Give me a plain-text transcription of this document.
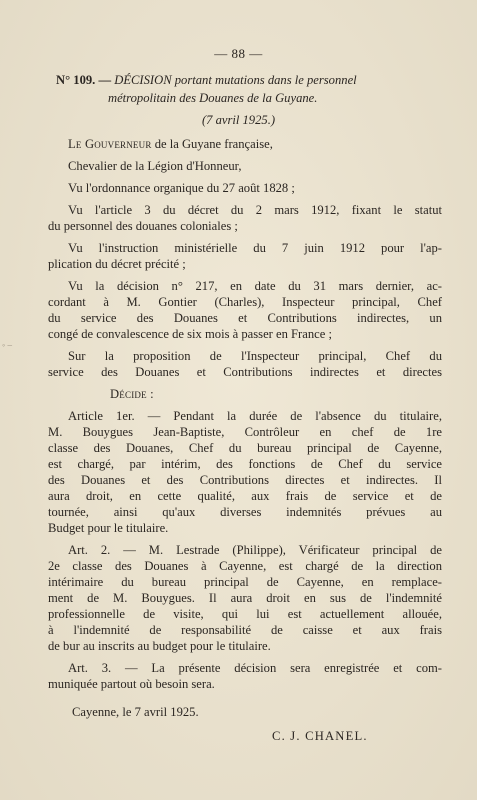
— 88 —
N° 109. — DÉCISION portant mutations dans le personnel
métropolitain des Douanes de la Guyane.
(7 avril 1925.)
Le Gouverneur de la Guyane française,
Chevalier de la Légion d'Honneur,
Vu l'ordonnance organique du 27 août 1828 ;
Vu l'article 3 du décret du 2 mars 1912, fixant le statut
du personnel des douanes coloniales ;
Vu l'instruction ministérielle du 7 juin 1912 pour l'ap-
plication du décret précité ;
Vu la décision n° 217, en date du 31 mars dernier, ac-
cordant à M. Gontier (Charles), Inspecteur principal, Chef
du service des Douanes et Contributions indirectes, un
congé de convalescence de six mois à passer en France ;
Sur la proposition de l'Inspecteur principal, Chef du
service des Douanes et Contributions indirectes et directes
Décide :
Article 1er. — Pendant la durée de l'absence du titulaire,
M. Bouygues Jean-Baptiste, Contrôleur en chef de 1re
classe des Douanes, Chef du bureau principal de Cayenne,
est chargé, par intérim, des fonctions de Chef du service
des Douanes et des Contributions directes et indirectes. Il
aura droit, en cette qualité, aux frais de service et de
tournée, ainsi qu'aux diverses indemnités prévues au
Budget pour le titulaire.
Art. 2. — M. Lestrade (Philippe), Vérificateur principal de
2e classe des Douanes à Cayenne, est chargé de la direction
intérimaire du bureau principal de Cayenne, en remplace-
ment de M. Bouygues. Il aura droit en sus de l'indemnité
professionnelle de visite, qui lui est actuellement allouée,
à l'indemnité de responsabilité de caisse et aux frais
de bur au inscrits au budget pour le titulaire.
Art. 3. — La présente décision sera enregistrée et com-
muniquée partout où besoin sera.
Cayenne, le 7 avril 1925.
C. J. CHANEL.
◦ –
